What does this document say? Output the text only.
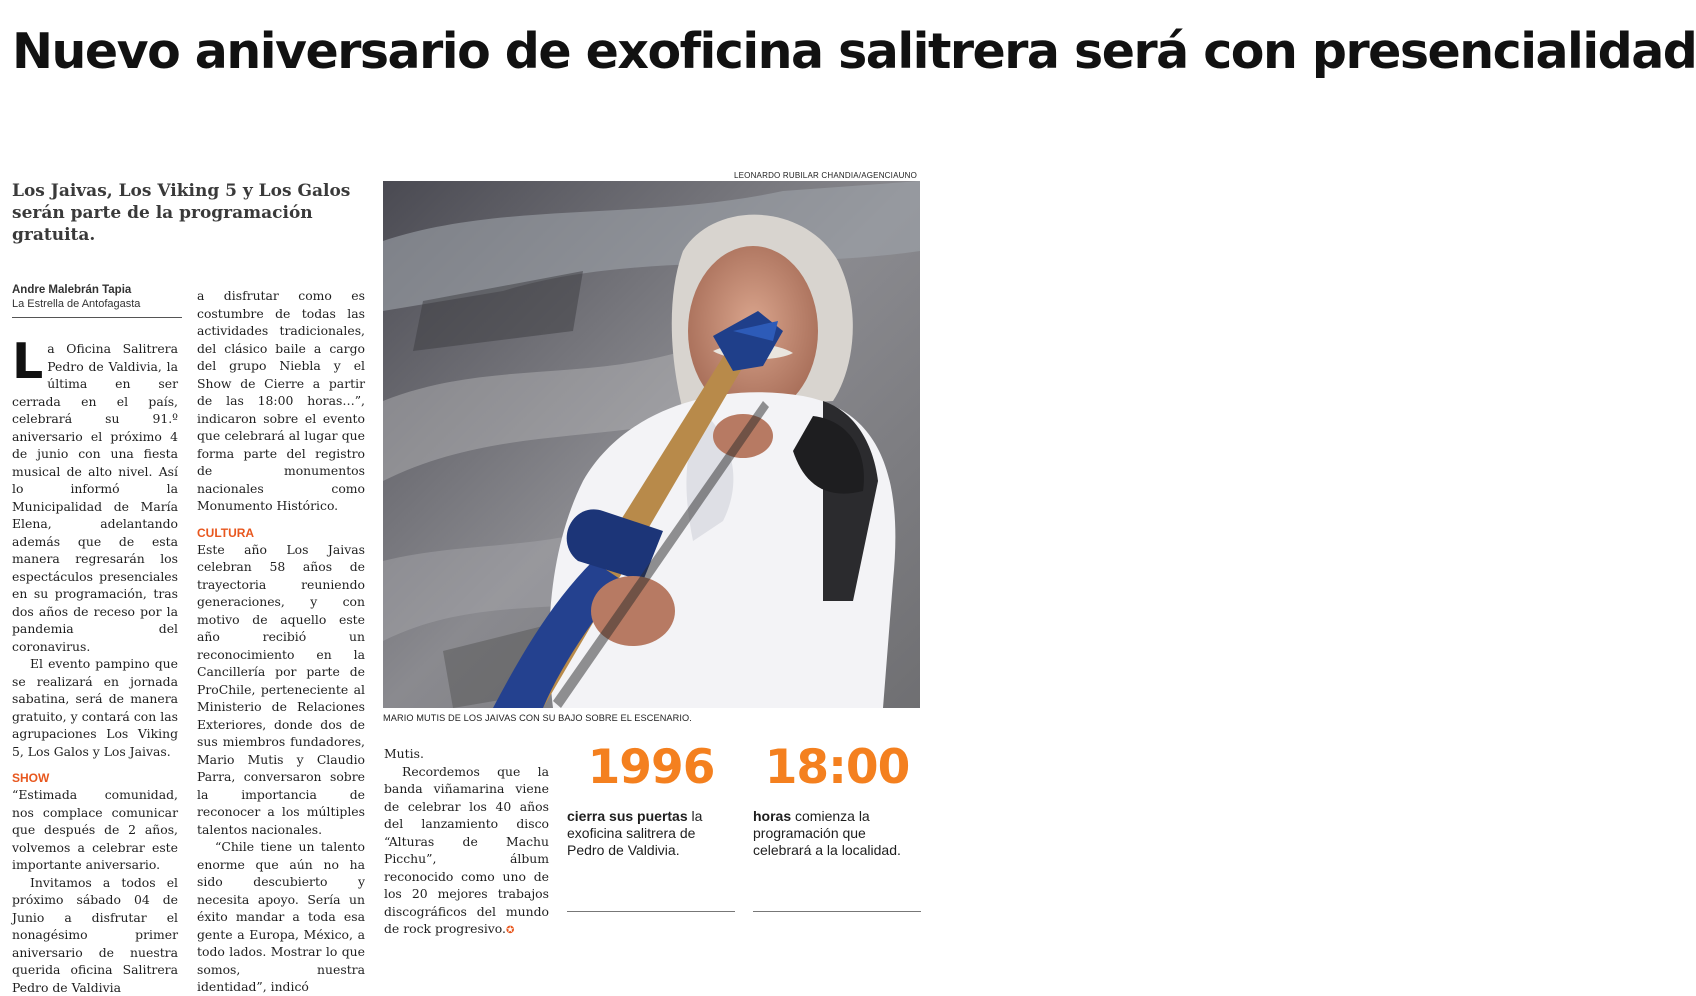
Nuevo aniversario de exoficina salitrera será con presencialidad
LEONARDO RUBILAR CHANDIA/AGENCIAUNO
Los Jaivas, Los Viking 5 y Los Galos serán parte de la programación gratuita.
Andre Malebrán Tapia
La Estrella de Antofagasta

La Oficina Salitrera Pedro de Valdivia, la última en ser cerrada en el país, celebrará su 91.º aniversario el próximo 4 de junio con una fiesta musical de alto nivel. Así lo informó la Municipalidad de María Elena, adelantando además que de esta manera regresarán los espectáculos presenciales en su programación, tras dos años de receso por la pandemia del coronavirus.

El evento pampino que se realizará en jornada sabatina, será de manera gratuito, y contará con las agrupaciones Los Viking 5, Los Galos y Los Jaivas.

SHOW

“Estimada comunidad, nos complace comunicar que después de 2 años, volvemos a celebrar este importante aniversario.

Invitamos a todos el próximo sábado 04 de Junio a disfrutar el nonagésimo primer aniversario de nuestra querida oficina Salitrera Pedro de Valdivia

a disfrutar como es costumbre de todas las actividades tradicionales, del clásico baile a cargo del grupo Niebla y el Show de Cierre a partir de las 18:00 horas…”, indicaron sobre el evento que celebrará al lugar que forma parte del registro de monumentos nacionales como Monumento Histórico.

CULTURA

Este año Los Jaivas celebran 58 años de trayectoria reuniendo generaciones, y con motivo de aquello este año recibió un reconocimiento en la Cancillería por parte de ProChile, perteneciente al Ministerio de Relaciones Exteriores, donde dos de sus miembros fundadores, Mario Mutis y Claudio Parra, conversaron sobre la importancia de reconocer a los múltiples talentos nacionales.

“Chile tiene un talento enorme que aún no ha sido descubierto y necesita apoyo. Sería un éxito mandar a toda esa gente a Europa, México, a todo lados. Mostrar lo que somos, nuestra identidad”, indicó

Mutis.

Recordemos que la banda viñamarina viene de celebrar los 40 años del lanzamiento disco “Alturas de Machu Picchu”, álbum reconocido como uno de los 20 mejores trabajos discográficos del mundo de rock progresivo.✪

MARIO MUTIS DE LOS JAIVAS CON SU BAJO SOBRE EL ESCENARIO.
1996
cierra sus puertas la exoficina salitrera de Pedro de Valdivia.
18:00
horas comienza la programación que celebrará a la localidad.
